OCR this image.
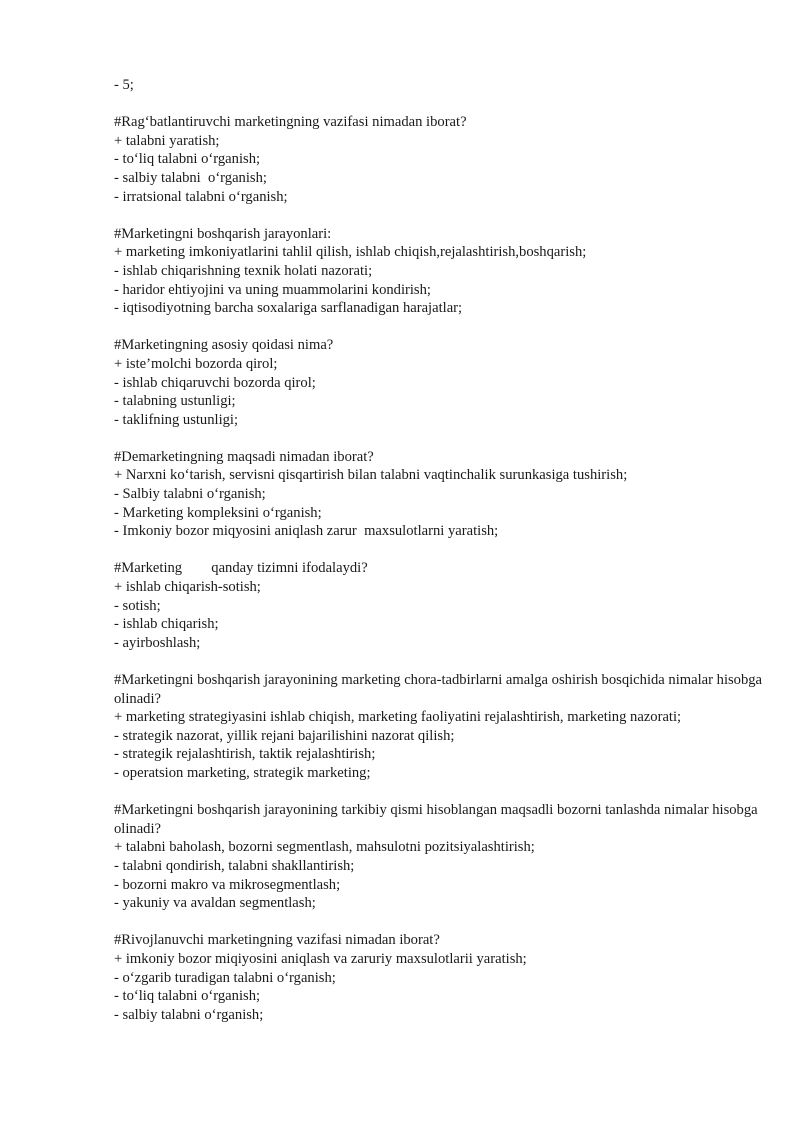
- 5;

#Rag‘batlantiruvchi marketingning vazifasi nimadan iborat?

+ talabni yaratish;

- to‘liq talabni o‘rganish;

- salbiy talabni  o‘rganish;

- irratsional talabni o‘rganish;

#Marketingni boshqarish jarayonlari:

+ marketing imkoniyatlarini tahlil qilish, ishlab chiqish,rejalashtirish,boshqarish;

- ishlab chiqarishning texnik holati nazorati;

- haridor ehtiyojini va uning muammolarini kondirish;

- iqtisodiyotning barcha soxalariga sarflanadigan harajatlar;

#Marketingning asosiy qoidasi nima?

+ iste’molchi bozorda qirol;

- ishlab chiqaruvchi bozorda qirol;

- talabning ustunligi;

- taklifning ustunligi;

#Demarketingning maqsadi nimadan iborat?

+ Narxni ko‘tarish, servisni qisqartirish bilan talabni vaqtinchalik surunkasiga tushirish;

- Salbiy talabni o‘rganish;

- Marketing kompleksini o‘rganish;

- Imkoniy bozor miqyosini aniqlash zarur  maxsulotlarni yaratish;

#Marketing        qanday tizimni ifodalaydi?

+ ishlab chiqarish-sotish;

- sotish;

- ishlab chiqarish;

- ayirboshlash;

#Marketingni boshqarish jarayonining marketing chora-tadbirlarni amalga oshirish bosqichida nimalar hisobga olinadi?

+ marketing strategiyasini ishlab chiqish, marketing faoliyatini rejalashtirish, marketing nazorati;

- strategik nazorat, yillik rejani bajarilishini nazorat qilish;

- strategik rejalashtirish, taktik rejalashtirish;

- operatsion marketing, strategik marketing;

#Marketingni boshqarish jarayonining tarkibiy qismi hisoblangan maqsadli bozorni tanlashda nimalar hisobga olinadi?

+ talabni baholash, bozorni segmentlash, mahsulotni pozitsiyalashtirish;

- talabni qondirish, talabni shakllantirish;

- bozorni makro va mikrosegmentlash;

- yakuniy va avaldan segmentlash;

#Rivojlanuvchi marketingning vazifasi nimadan iborat?

+ imkoniy bozor miqiyosini aniqlash va zaruriy maxsulotlarii yaratish;

- o‘zgarib turadigan talabni o‘rganish;

- to‘liq talabni o‘rganish;

- salbiy talabni o‘rganish;
